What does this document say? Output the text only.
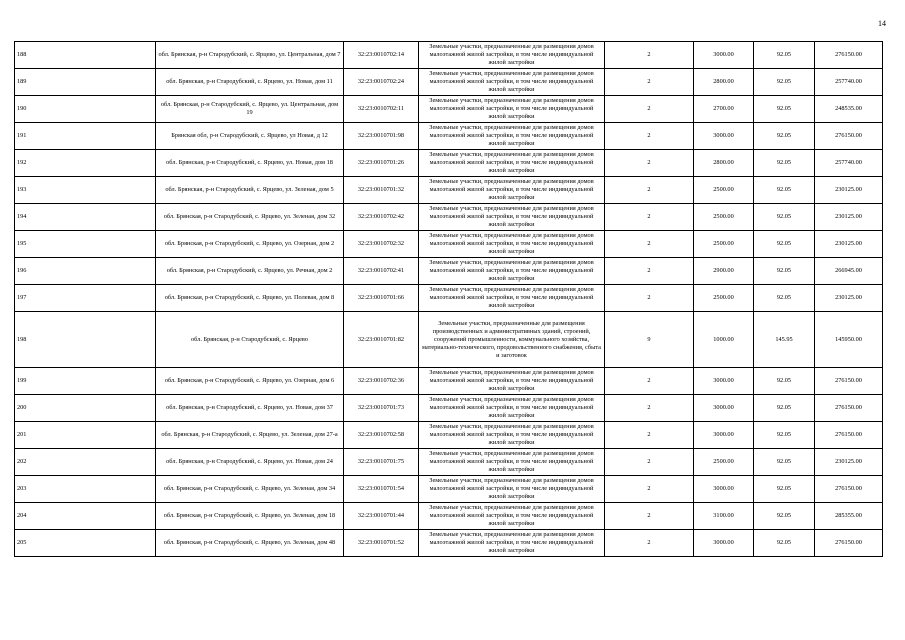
14
188	обл. Брянская, р-н Стародубский, с. Ярцево, ул. Центральная, дом 7	32:23:0010702:14	Земельные участки, предназначенные для размещения домов малоэтажной жилой застройки, в том числе индивидуальной жилой застройки	2	3000.00	92.05	276150.00
189	обл. Брянская, р-н Стародубский, с. Ярцево, ул. Новая, дом 11	32:23:0010702:24	Земельные участки, предназначенные для размещения домов малоэтажной жилой застройки, в том числе индивидуальной жилой застройки	2	2800.00	92.05	257740.00
190	обл. Брянская, р-н Стародубский, с. Ярцево, ул. Центральная, дом 19	32:23:0010702:11	Земельные участки, предназначенные для размещения домов малоэтажной жилой застройки, в том числе индивидуальной жилой застройки	2	2700.00	92.05	248535.00
191	Брянская обл, р-н Стародубский, с. Ярцево, ул Новая, д 12	32:23:0010701:98	Земельные участки, предназначенные для размещения домов малоэтажной жилой застройки, в том числе индивидуальной жилой застройки	2	3000.00	92.05	276150.00
192	обл. Брянская, р-н Стародубский, с. Ярцево, ул. Новая, дом 18	32:23:0010701:26	Земельные участки, предназначенные для размещения домов малоэтажной жилой застройки, в том числе индивидуальной жилой застройки	2	2800.00	92.05	257740.00
193	обл. Брянская, р-н Стародубский, с. Ярцево, ул. Зеленая, дом 5	32:23:0010701:32	Земельные участки, предназначенные для размещения домов малоэтажной жилой застройки, в том числе индивидуальной жилой застройки	2	2500.00	92.05	230125.00
194	обл. Брянская, р-н Стародубский, с. Ярцево, ул. Зеленая, дом 32	32:23:0010702:42	Земельные участки, предназначенные для размещения домов малоэтажной жилой застройки, в том числе индивидуальной жилой застройки	2	2500.00	92.05	230125.00
195	обл. Брянская, р-н Стародубский, с. Ярцево, ул. Озерная, дом 2	32:23:0010702:32	Земельные участки, предназначенные для размещения домов малоэтажной жилой застройки, в том числе индивидуальной жилой застройки	2	2500.00	92.05	230125.00
196	обл. Брянская, р-н Стародубский, с. Ярцево, ул. Речная, дом 2	32:23:0010702:41	Земельные участки, предназначенные для размещения домов малоэтажной жилой застройки, в том числе индивидуальной жилой застройки	2	2900.00	92.05	266945.00
197	обл. Брянская, р-н Стародубский, с. Ярцево, ул. Полевая, дом 8	32:23:0010701:66	Земельные участки, предназначенные для размещения домов малоэтажной жилой застройки, в том числе индивидуальной жилой застройки	2	2500.00	92.05	230125.00
198	обл. Брянская, р-н Стародубский, с. Ярцево	32:23:0010701:82	Земельные участки, предназначенные для размещения производственных и административных зданий, строений, сооружений промышленности, коммунального хозяйства, материально-технического, продовольственного снабжения, сбыта и заготовок	9	1000.00	145.95	145950.00
199	обл. Брянская, р-н Стародубский, с. Ярцево, ул. Озерная, дом 6	32:23:0010702:36	Земельные участки, предназначенные для размещения домов малоэтажной жилой застройки, в том числе индивидуальной жилой застройки	2	3000.00	92.05	276150.00
200	обл. Брянская, р-н Стародубский, с. Ярцево, ул. Новая, дом 37	32:23:0010701:73	Земельные участки, предназначенные для размещения домов малоэтажной жилой застройки, в том числе индивидуальной жилой застройки	2	3000.00	92.05	276150.00
201	обл. Брянская, р-н Стародубский, с. Ярцево, ул. Зеленая, дом 27-а	32:23:0010702:58	Земельные участки, предназначенные для размещения домов малоэтажной жилой застройки, в том числе индивидуальной жилой застройки	2	3000.00	92.05	276150.00
202	обл. Брянская, р-н Стародубский, с. Ярцево, ул. Новая, дом 24	32:23:0010701:75	Земельные участки, предназначенные для размещения домов малоэтажной жилой застройки, в том числе индивидуальной жилой застройки	2	2500.00	92.05	230125.00
203	обл. Брянская, р-н Стародубский, с. Ярцево, ул. Зеленая, дом 34	32:23:0010701:54	Земельные участки, предназначенные для размещения домов малоэтажной жилой застройки, в том числе индивидуальной жилой застройки	2	3000.00	92.05	276150.00
204	обл. Брянская, р-н Стародубский, с. Ярцево, ул. Зеленая, дом 18	32:23:0010701:44	Земельные участки, предназначенные для размещения домов малоэтажной жилой застройки, в том числе индивидуальной жилой застройки	2	3100.00	92.05	285355.00
205	обл. Брянская, р-н Стародубский, с. Ярцево, ул. Зеленая, дом 48	32:23:0010701:52	Земельные участки, предназначенные для размещения домов малоэтажной жилой застройки, в том числе индивидуальной жилой застройки	2	3000.00	92.05	276150.00
